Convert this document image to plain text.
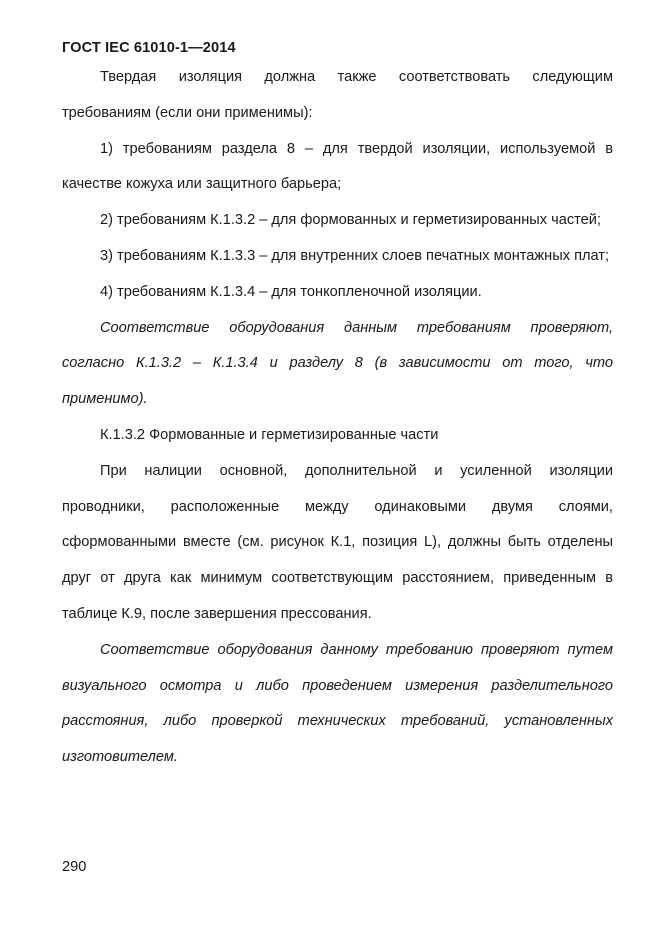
ГОСТ IEC 61010-1—2014

Твердая изоляция должна также соответствовать следующим требованиям (если они применимы):

1) требованиям раздела 8 – для твердой изоляции, используемой в качестве кожуха или защитного барьера;

2) требованиям К.1.3.2 – для формованных и герметизированных частей;

3) требованиям К.1.3.3 – для внутренних слоев печатных монтажных плат;

4) требованиям К.1.3.4 – для тонкопленочной изоляции.

Соответствие оборудования данным требованиям проверяют, согласно К.1.3.2 – К.1.3.4 и разделу 8 (в зависимости от того, что применимо).

К.1.3.2 Формованные и герметизированные части

При налиции основной, дополнительной и усиленной изоляции проводники, расположенные между одинаковыми двумя слоями, сформованными вместе (см. рисунок К.1, позиция L), должны быть отделены друг от друга как минимум соответствующим расстоянием, приведенным в таблице К.9, после завершения прессования.

Соответствие оборудования данному требованию проверяют путем визуального осмотра и либо проведением измерения разделительного расстояния, либо проверкой технических требований, установленных изготовителем.

290
